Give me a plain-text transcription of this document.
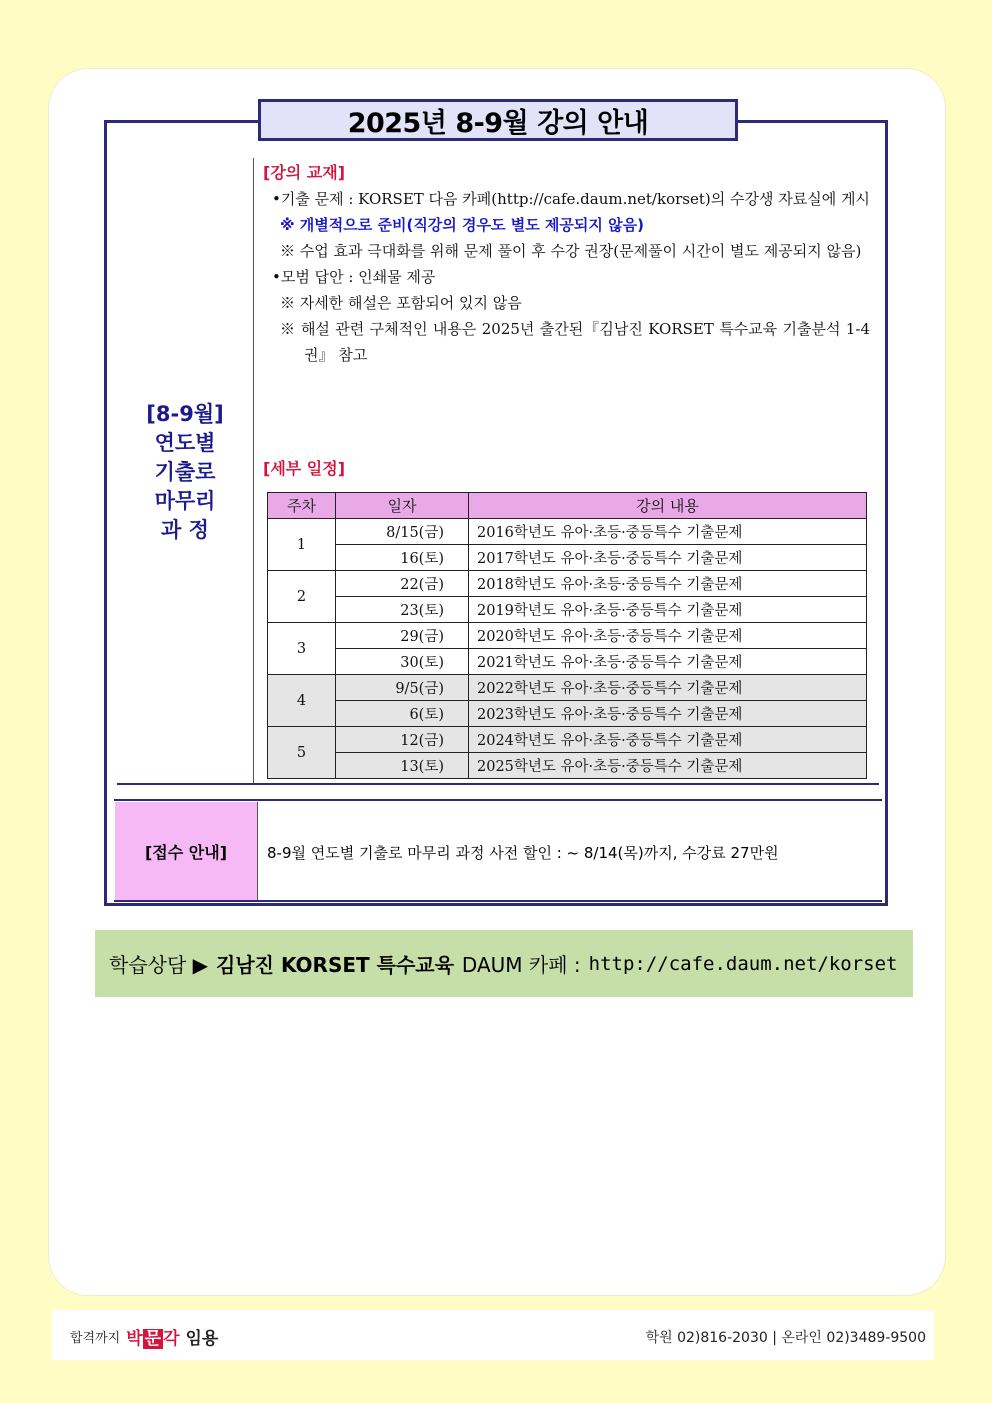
2025년 8-9월 강의 안내
[8-9월]
연도별
기출로
마무리
과 정
[강의 교재]
•기출 문제 : KORSET 다음 카페(http://cafe.daum.net/korset)의 수강생 자료실에 게시
※ 개별적으로 준비(직강의 경우도 별도 제공되지 않음)
※ 수업 효과 극대화를 위해 문제 풀이 후 수강 권장(문제풀이 시간이 별도 제공되지 않음)
•모범 답안 : 인쇄물 제공
※ 자세한 해설은 포함되어 있지 않음
※ 해설 관련 구체적인 내용은 2025년 출간된『김남진 KORSET 특수교육 기출분석 1-4권』 참고
[세부 일정]
주차	일자	강의 내용
1	8/15(금)	2016학년도 유아·초등·중등특수 기출문제
	16(토)	2017학년도 유아·초등·중등특수 기출문제
2	22(금)	2018학년도 유아·초등·중등특수 기출문제
	23(토)	2019학년도 유아·초등·중등특수 기출문제
3	29(금)	2020학년도 유아·초등·중등특수 기출문제
	30(토)	2021학년도 유아·초등·중등특수 기출문제
4	9/5(금)	2022학년도 유아·초등·중등특수 기출문제
	6(토)	2023학년도 유아·초등·중등특수 기출문제
5	12(금)	2024학년도 유아·초등·중등특수 기출문제
	13(토)	2025학년도 유아·초등·중등특수 기출문제
[접수 안내]	8-9월 연도별 기출로 마무리 과정 사전 할인 : ~ 8/14(목)까지, 수강료 27만원
학습상담 ▶ 김남진 KORSET 특수교육 DAUM 카페 : http://cafe.daum.net/korset
합격까지 박 문 각 임용	학원 02)816-2030 | 온라인 02)3489-9500
